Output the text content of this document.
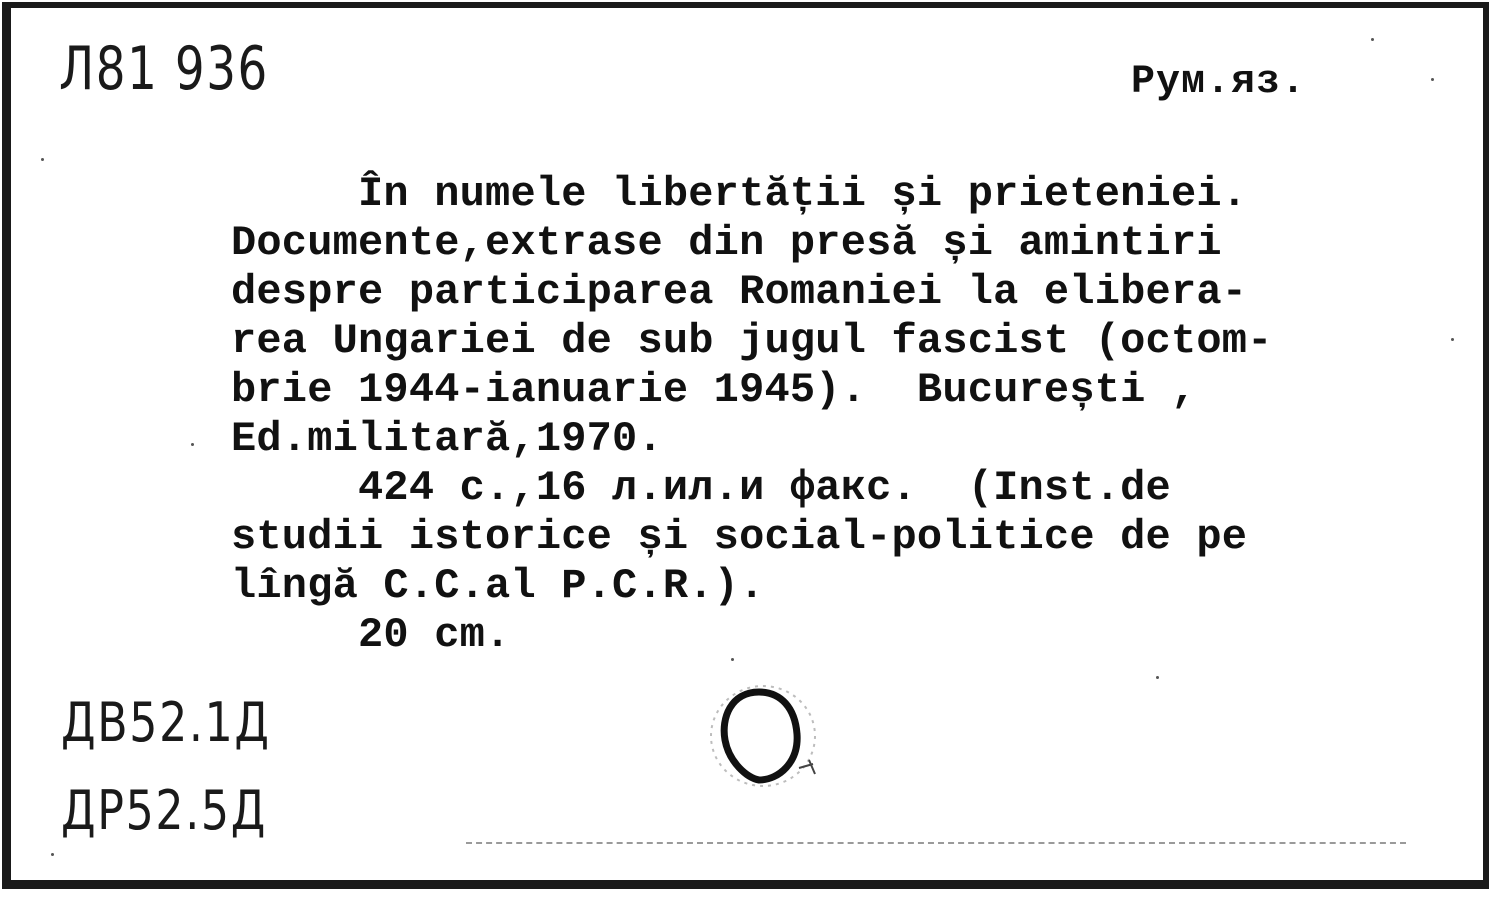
Л81 936	Рум.яз.
În numele libertății și prieteniei.
Documente,extrase din presă și amintiri
despre participarea Romaniei la elibera-
rea Ungariei de sub jugul fascist (octom-
brie 1944-ianuarie 1945).  București ,
Ed.militară,1970.
424 с.,16 л.ил.и факс.  (Inst.de
studii istorice și social-politice de pe
lîngă C.C.al P.C.R.).
20 cm.
ДВ52.1Д
ДР52.5Д
